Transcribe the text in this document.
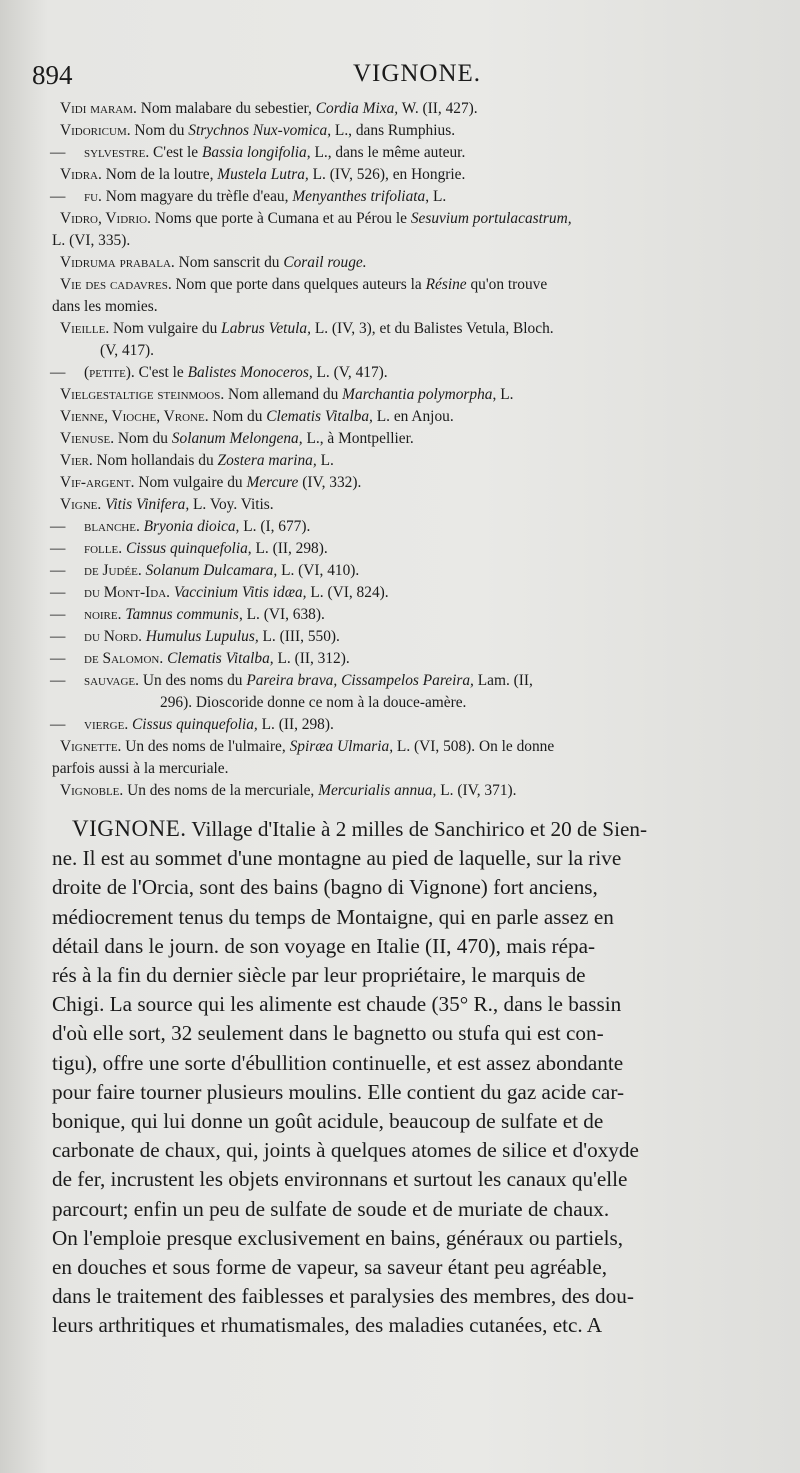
894	VIGNONE.
Vidi maram. Nom malabare du sebestier, Cordia Mixa, W. (II, 427).
Vidoricum. Nom du Strychnos Nux-vomica, L., dans Rumphius.
— sylvestre. C'est le Bassia longifolia, L., dans le même auteur.
Vidra. Nom de la loutre, Mustela Lutra, L. (IV, 526), en Hongrie.
— fu. Nom magyare du trèfle d'eau, Menyanthes trifoliata, L.
Vidro, Vidrio. Noms que porte à Cumana et au Pérou le Sesuvium portulacastrum,
L. (VI, 335).
Vidruma prabala. Nom sanscrit du Corail rouge.
Vie des cadavres. Nom que porte dans quelques auteurs la Résine qu'on trouve
dans les momies.
Vieille. Nom vulgaire du Labrus Vetula, L. (IV, 3), et du Balistes Vetula, Bloch.
(V, 417).
— (petite). C'est le Balistes Monoceros, L. (V, 417).
Vielgestaltige steinmoos. Nom allemand du Marchantia polymorpha, L.
Vienne, Vioche, Vrone. Nom du Clematis Vitalba, L. en Anjou.
Vienuse. Nom du Solanum Melongena, L., à Montpellier.
Vier. Nom hollandais du Zostera marina, L.
Vif-argent. Nom vulgaire du Mercure (IV, 332).
Vigne. Vitis Vinifera, L. Voy. Vitis.
— blanche. Bryonia dioica, L. (I, 677).
— folle. Cissus quinquefolia, L. (II, 298).
— de Judée. Solanum Dulcamara, L. (VI, 410).
— du Mont-Ida. Vaccinium Vitis idæa, L. (VI, 824).
— noire. Tamnus communis, L. (VI, 638).
— du Nord. Humulus Lupulus, L. (III, 550).
— de Salomon. Clematis Vitalba, L. (II, 312).
— sauvage. Un des noms du Pareira brava, Cissampelos Pareira, Lam. (II,
296). Dioscoride donne ce nom à la douce-amère.
— vierge. Cissus quinquefolia, L. (II, 298).
Vignette. Un des noms de l'ulmaire, Spiræa Ulmaria, L. (VI, 508). On le donne
parfois aussi à la mercuriale.
Vignoble. Un des noms de la mercuriale, Mercurialis annua, L. (IV, 371).
VIGNONE. Village d'Italie à 2 milles de Sanchirico et 20 de Sien-
ne. Il est au sommet d'une montagne au pied de laquelle, sur la rive
droite de l'Orcia, sont des bains (bagno di Vignone) fort anciens,
médiocrement tenus du temps de Montaigne, qui en parle assez en
détail dans le journ. de son voyage en Italie (II, 470), mais répa-
rés à la fin du dernier siècle par leur propriétaire, le marquis de
Chigi. La source qui les alimente est chaude (35° R., dans le bassin
d'où elle sort, 32 seulement dans le bagnetto ou stufa qui est con-
tigu), offre une sorte d'ébullition continuelle, et est assez abondante
pour faire tourner plusieurs moulins. Elle contient du gaz acide car-
bonique, qui lui donne un goût acidule, beaucoup de sulfate et de
carbonate de chaux, qui, joints à quelques atomes de silice et d'oxyde
de fer, incrustent les objets environnans et surtout les canaux qu'elle
parcourt; enfin un peu de sulfate de soude et de muriate de chaux.
On l'emploie presque exclusivement en bains, généraux ou partiels,
en douches et sous forme de vapeur, sa saveur étant peu agréable,
dans le traitement des faiblesses et paralysies des membres, des dou-
leurs arthritiques et rhumatismales, des maladies cutanées, etc. A
